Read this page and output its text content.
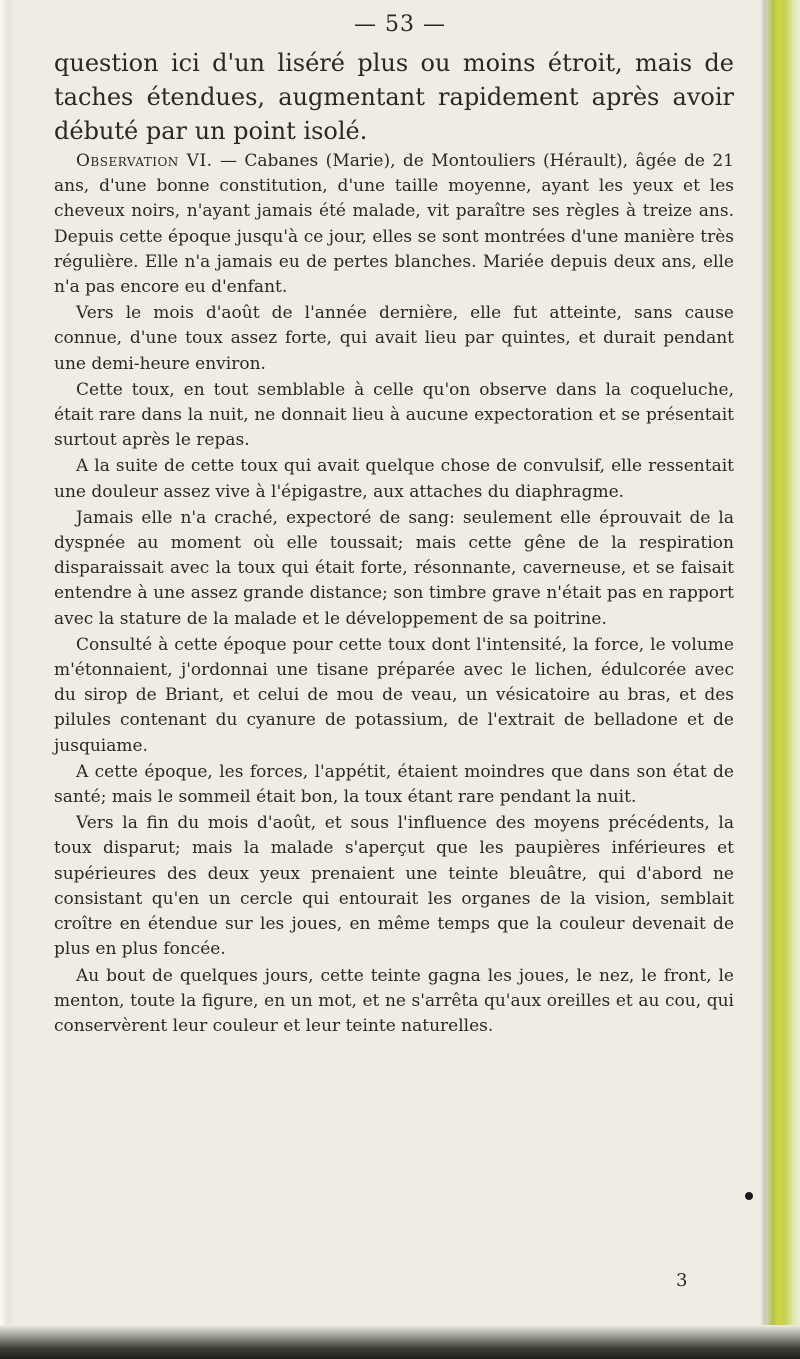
— 53 —

question ici d'un liséré plus ou moins étroit, mais de taches étendues, augmentant rapidement après avoir débuté par un point isolé.

Observation VI. — Cabanes (Marie), de Montouliers (Hérault), âgée de 21 ans, d'une bonne constitution, d'une taille moyenne, ayant les yeux et les cheveux noirs, n'ayant jamais été malade, vit paraître ses règles à treize ans. Depuis cette époque jusqu'à ce jour, elles se sont montrées d'une manière très régulière. Elle n'a jamais eu de pertes blanches. Mariée depuis deux ans, elle n'a pas encore eu d'enfant.

Vers le mois d'août de l'année dernière, elle fut atteinte, sans cause connue, d'une toux assez forte, qui avait lieu par quintes, et durait pendant une demi-heure environ.

Cette toux, en tout semblable à celle qu'on observe dans la coqueluche, était rare dans la nuit, ne donnait lieu à aucune expectoration et se présentait surtout après le repas.

A la suite de cette toux qui avait quelque chose de convulsif, elle ressentait une douleur assez vive à l'épigastre, aux attaches du diaphragme.

Jamais elle n'a craché, expectoré de sang: seulement elle éprouvait de la dyspnée au moment où elle toussait; mais cette gêne de la respiration disparaissait avec la toux qui était forte, résonnante, caverneuse, et se faisait entendre à une assez grande distance; son timbre grave n'était pas en rapport avec la stature de la malade et le développement de sa poitrine.

Consulté à cette époque pour cette toux dont l'intensité, la force, le volume m'étonnaient, j'ordonnai une tisane préparée avec le lichen, édulcorée avec du sirop de Briant, et celui de mou de veau, un vésicatoire au bras, et des pilules contenant du cyanure de potassium, de l'extrait de belladone et de jusquiame.

A cette époque, les forces, l'appétit, étaient moindres que dans son état de santé; mais le sommeil était bon, la toux étant rare pendant la nuit.

Vers la fin du mois d'août, et sous l'influence des moyens précédents, la toux disparut; mais la malade s'aperçut que les paupières inférieures et supérieures des deux yeux prenaient une teinte bleuâtre, qui d'abord ne consistant qu'en un cercle qui entourait les organes de la vision, semblait croître en étendue sur les joues, en même temps que la couleur devenait de plus en plus foncée.

Au bout de quelques jours, cette teinte gagna les joues, le nez, le front, le menton, toute la figure, en un mot, et ne s'arrêta qu'aux oreilles et au cou, qui conservèrent leur couleur et leur teinte naturelles.

3
